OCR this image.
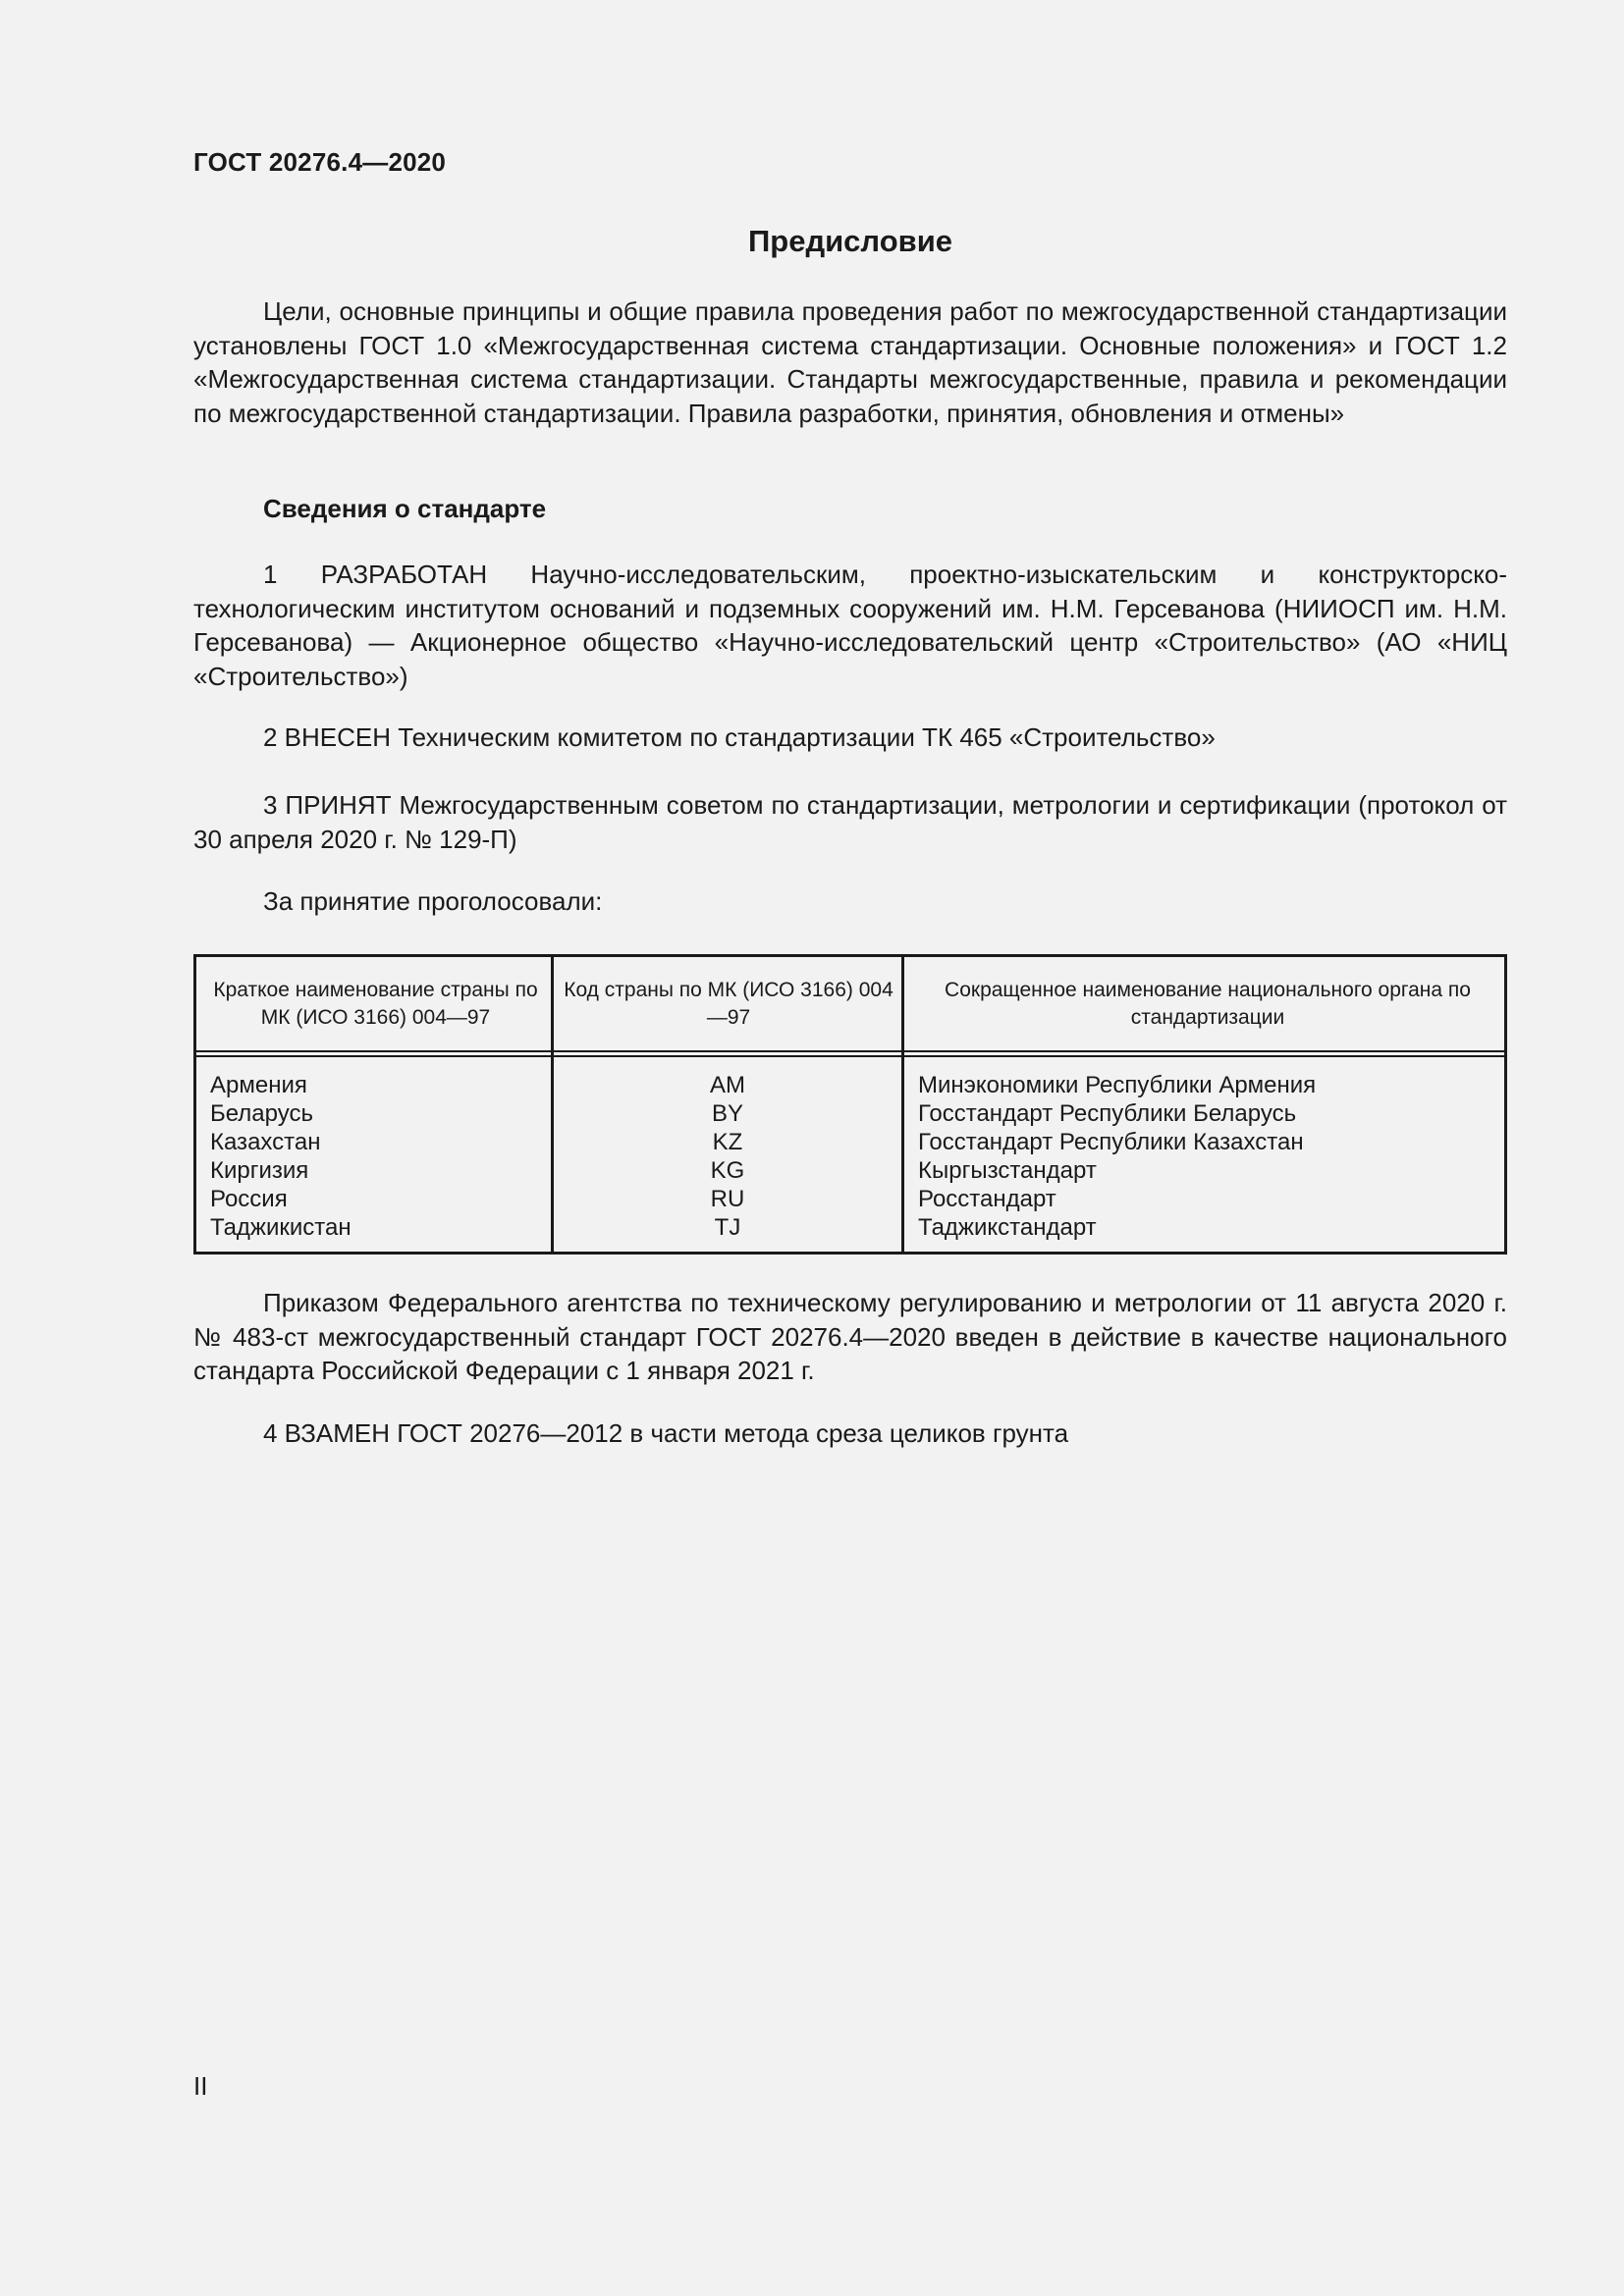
ГОСТ 20276.4—2020
Предисловие

Цели, основные принципы и общие правила проведения работ по межгосударственной стандартизации установлены ГОСТ 1.0 «Межгосударственная система стандартизации. Основные положения» и ГОСТ 1.2 «Межгосударственная система стандартизации. Стандарты межгосударственные, правила и рекомендации по межгосударственной стандартизации. Правила разработки, принятия, обновления и отмены»

Сведения о стандарте

1 РАЗРАБОТАН Научно-исследовательским, проектно-изыскательским и конструкторско-технологическим институтом оснований и подземных сооружений им. Н.М. Герсеванова (НИИОСП им. Н.М. Герсеванова) — Акционерное общество «Научно-исследовательский центр «Строительство» (АО «НИЦ «Строительство»)

2 ВНЕСЕН Техническим комитетом по стандартизации ТК 465 «Строительство»

3 ПРИНЯТ Межгосударственным советом по стандартизации, метрологии и сертификации (протокол от 30 апреля 2020 г. № 129-П)

За принятие проголосовали:
Краткое наименование страны по МК (ИСО 3166) 004—97
Код страны по МК (ИСО 3166) 004—97
Сокращенное наименование национального органа по стандартизации
Армения
Беларусь
Казахстан
Киргизия
Россия
Таджикистан
AM
BY
KZ
KG
RU
TJ
Минэкономики Республики Армения
Госстандарт Республики Беларусь
Госстандарт Республики Казахстан
Кыргызстандарт
Росстандарт
Таджикстандарт

Приказом Федерального агентства по техническому регулированию и метрологии от 11 августа 2020 г. № 483-ст межгосударственный стандарт ГОСТ 20276.4—2020 введен в действие в качестве национального стандарта Российской Федерации с 1 января 2021 г.

4 ВЗАМЕН ГОСТ 20276—2012 в части метода среза целиков грунта
II
